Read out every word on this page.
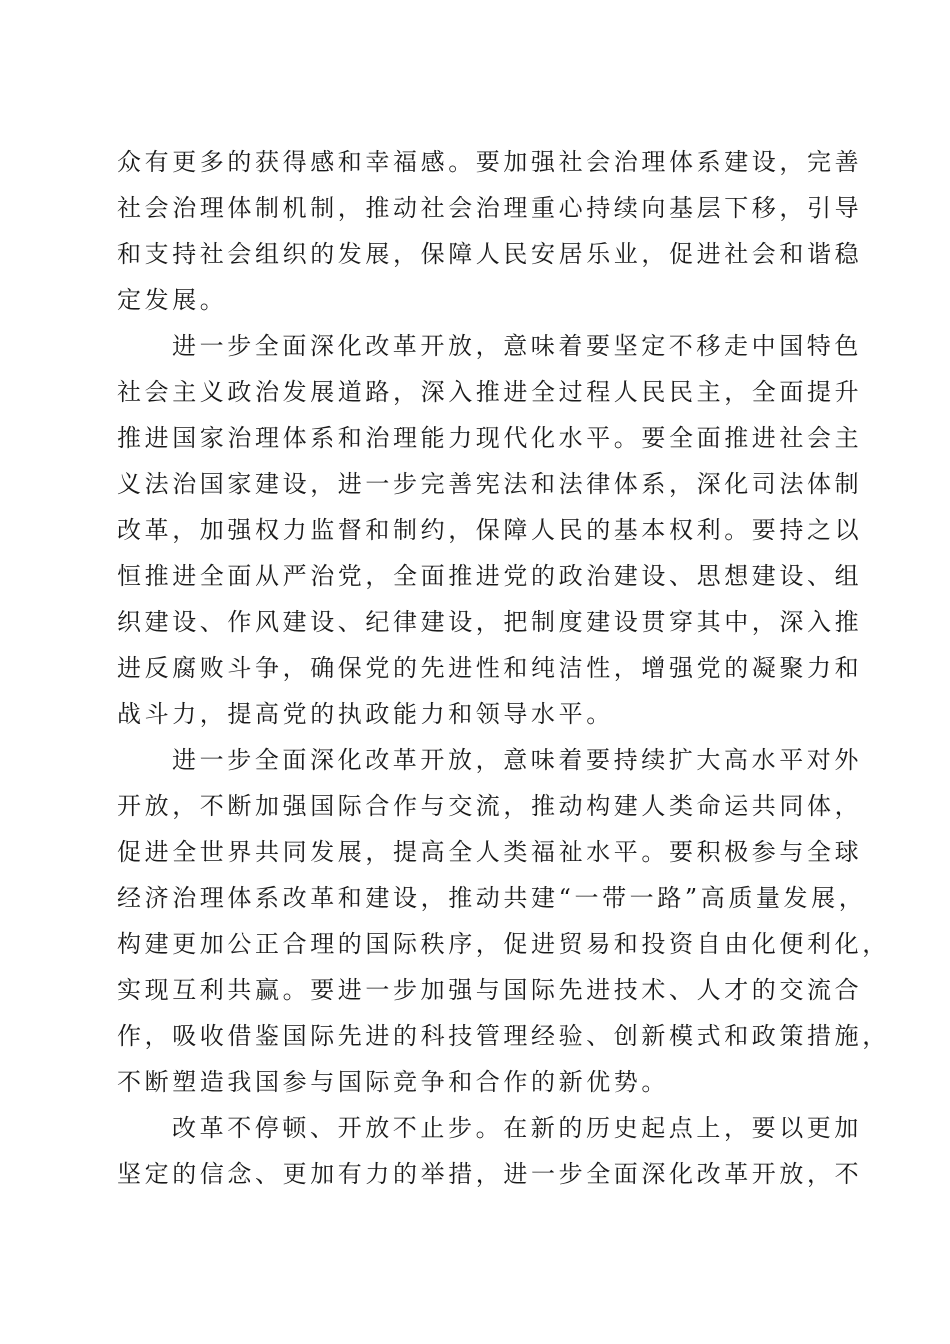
众有更多的获得感和幸福感。要加强社会治理体系建设，完善
社会治理体制机制，推动社会治理重心持续向基层下移，引导
和支持社会组织的发展，保障人民安居乐业，促进社会和谐稳
定发展。
进一步全面深化改革开放，意味着要坚定不移走中国特色
社会主义政治发展道路，深入推进全过程人民民主，全面提升
推进国家治理体系和治理能力现代化水平。要全面推进社会主
义法治国家建设，进一步完善宪法和法律体系，深化司法体制
改革，加强权力监督和制约，保障人民的基本权利。要持之以
恒推进全面从严治党，全面推进党的政治建设、思想建设、组
织建设、作风建设、纪律建设，把制度建设贯穿其中，深入推
进反腐败斗争，确保党的先进性和纯洁性，增强党的凝聚力和
战斗力，提高党的执政能力和领导水平。
进一步全面深化改革开放，意味着要持续扩大高水平对外
开放，不断加强国际合作与交流，推动构建人类命运共同体，
促进全世界共同发展，提高全人类福祉水平。要积极参与全球
经济治理体系改革和建设，推动共建“一带一路”高质量发展，
构建更加公正合理的国际秩序，促进贸易和投资自由化便利化，
实现互利共赢。要进一步加强与国际先进技术、人才的交流合
作，吸收借鉴国际先进的科技管理经验、创新模式和政策措施，
不断塑造我国参与国际竞争和合作的新优势。
改革不停顿、开放不止步。在新的历史起点上，要以更加
坚定的信念、更加有力的举措，进一步全面深化改革开放，不
